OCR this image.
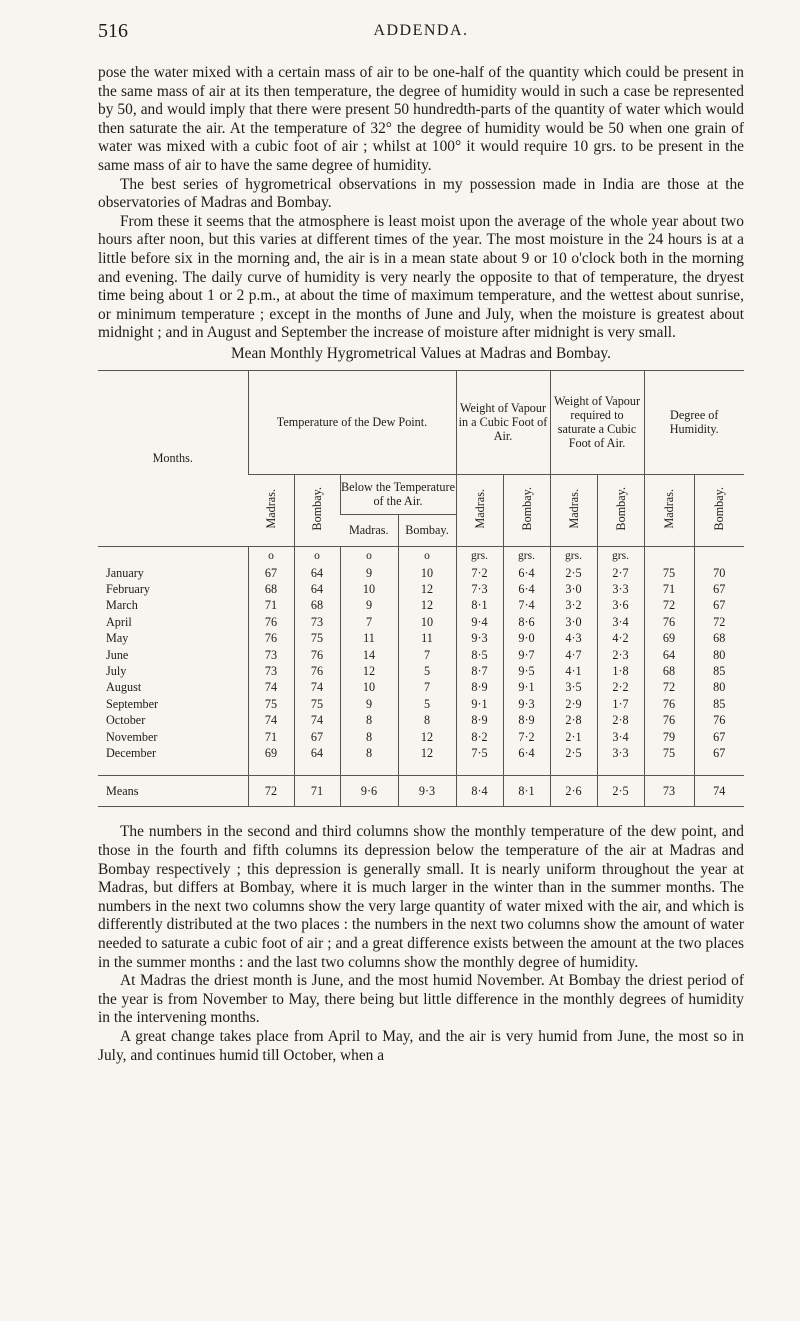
516	ADDENDA.

pose the water mixed with a certain mass of air to be one-half of the quantity which could be present in the same mass of air at its then temperature, the degree of humidity would in such a case be represented by 50, and would imply that there were present 50 hundredth-parts of the quantity of water which would then saturate the air. At the temperature of 32° the degree of humidity would be 50 when one grain of water was mixed with a cubic foot of air ; whilst at 100° it would require 10 grs. to be present in the same mass of air to have the same degree of humidity.

The best series of hygrometrical observations in my possession made in India are those at the observatories of Madras and Bombay.

From these it seems that the atmosphere is least moist upon the average of the whole year about two hours after noon, but this varies at different times of the year. The most moisture in the 24 hours is at a little before six in the morning and, the air is in a mean state about 9 or 10 o'clock both in the morning and evening. The daily curve of humidity is very nearly the opposite to that of temperature, the dryest time being about 1 or 2 p.m., at about the time of maximum temperature, and the wettest about sunrise, or minimum temperature ; except in the months of June and July, when the moisture is greatest about midnight ; and in August and September the increase of moisture after midnight is very small.

Mean Monthly Hygrometrical Values at Madras and Bombay.

Months.	Temperature of the Dew Point.				Weight of Vapour in a Cubic Foot of Air.		Weight of Vapour required to saturate a Cubic Foot of Air.		Degree of Humidity.	
	Madras.	Bombay.	Below the Temperature of the Air.		Madras.	Bombay.	Madras.	Bombay.	Madras.	Bombay.
			Madras.	Bombay.						
	o	o	o	o	grs.	grs.	grs.	grs.		
January	67	64	9	10	7·2	6·4	2·5	2·7	75	70
February	68	64	10	12	7·3	6·4	3·0	3·3	71	67
March	71	68	9	12	8·1	7·4	3·2	3·6	72	67
April	76	73	7	10	9·4	8·6	3·0	3·4	76	72
May	76	75	11	11	9·3	9·0	4·3	4·2	69	68
June	73	76	14	7	8·5	9·7	4·7	2·3	64	80
July	73	76	12	5	8·7	9·5	4·1	1·8	68	85
August	74	74	10	7	8·9	9·1	3·5	2·2	72	80
September	75	75	9	5	9·1	9·3	2·9	1·7	76	85
October	74	74	8	8	8·9	8·9	2·8	2·8	76	76
November	71	67	8	12	8·2	7·2	2·1	3·4	79	67
December	69	64	8	12	7·5	6·4	2·5	3·3	75	67

Means	72	71	9·6	9·3	8·4	8·1	2·6	2·5	73	74

The numbers in the second and third columns show the monthly temperature of the dew point, and those in the fourth and fifth columns its depression below the temperature of the air at Madras and Bombay respectively ; this depression is generally small. It is nearly uniform throughout the year at Madras, but differs at Bombay, where it is much larger in the winter than in the summer months. The numbers in the next two columns show the very large quantity of water mixed with the air, and which is differently distributed at the two places : the numbers in the next two columns show the amount of water needed to saturate a cubic foot of air ; and a great difference exists between the amount at the two places in the summer months : and the last two columns show the monthly degree of humidity.

At Madras the driest month is June, and the most humid November. At Bombay the driest period of the year is from November to May, there being but little difference in the monthly degrees of humidity in the intervening months.

A great change takes place from April to May, and the air is very humid from June, the most so in July, and continues humid till October, when a
